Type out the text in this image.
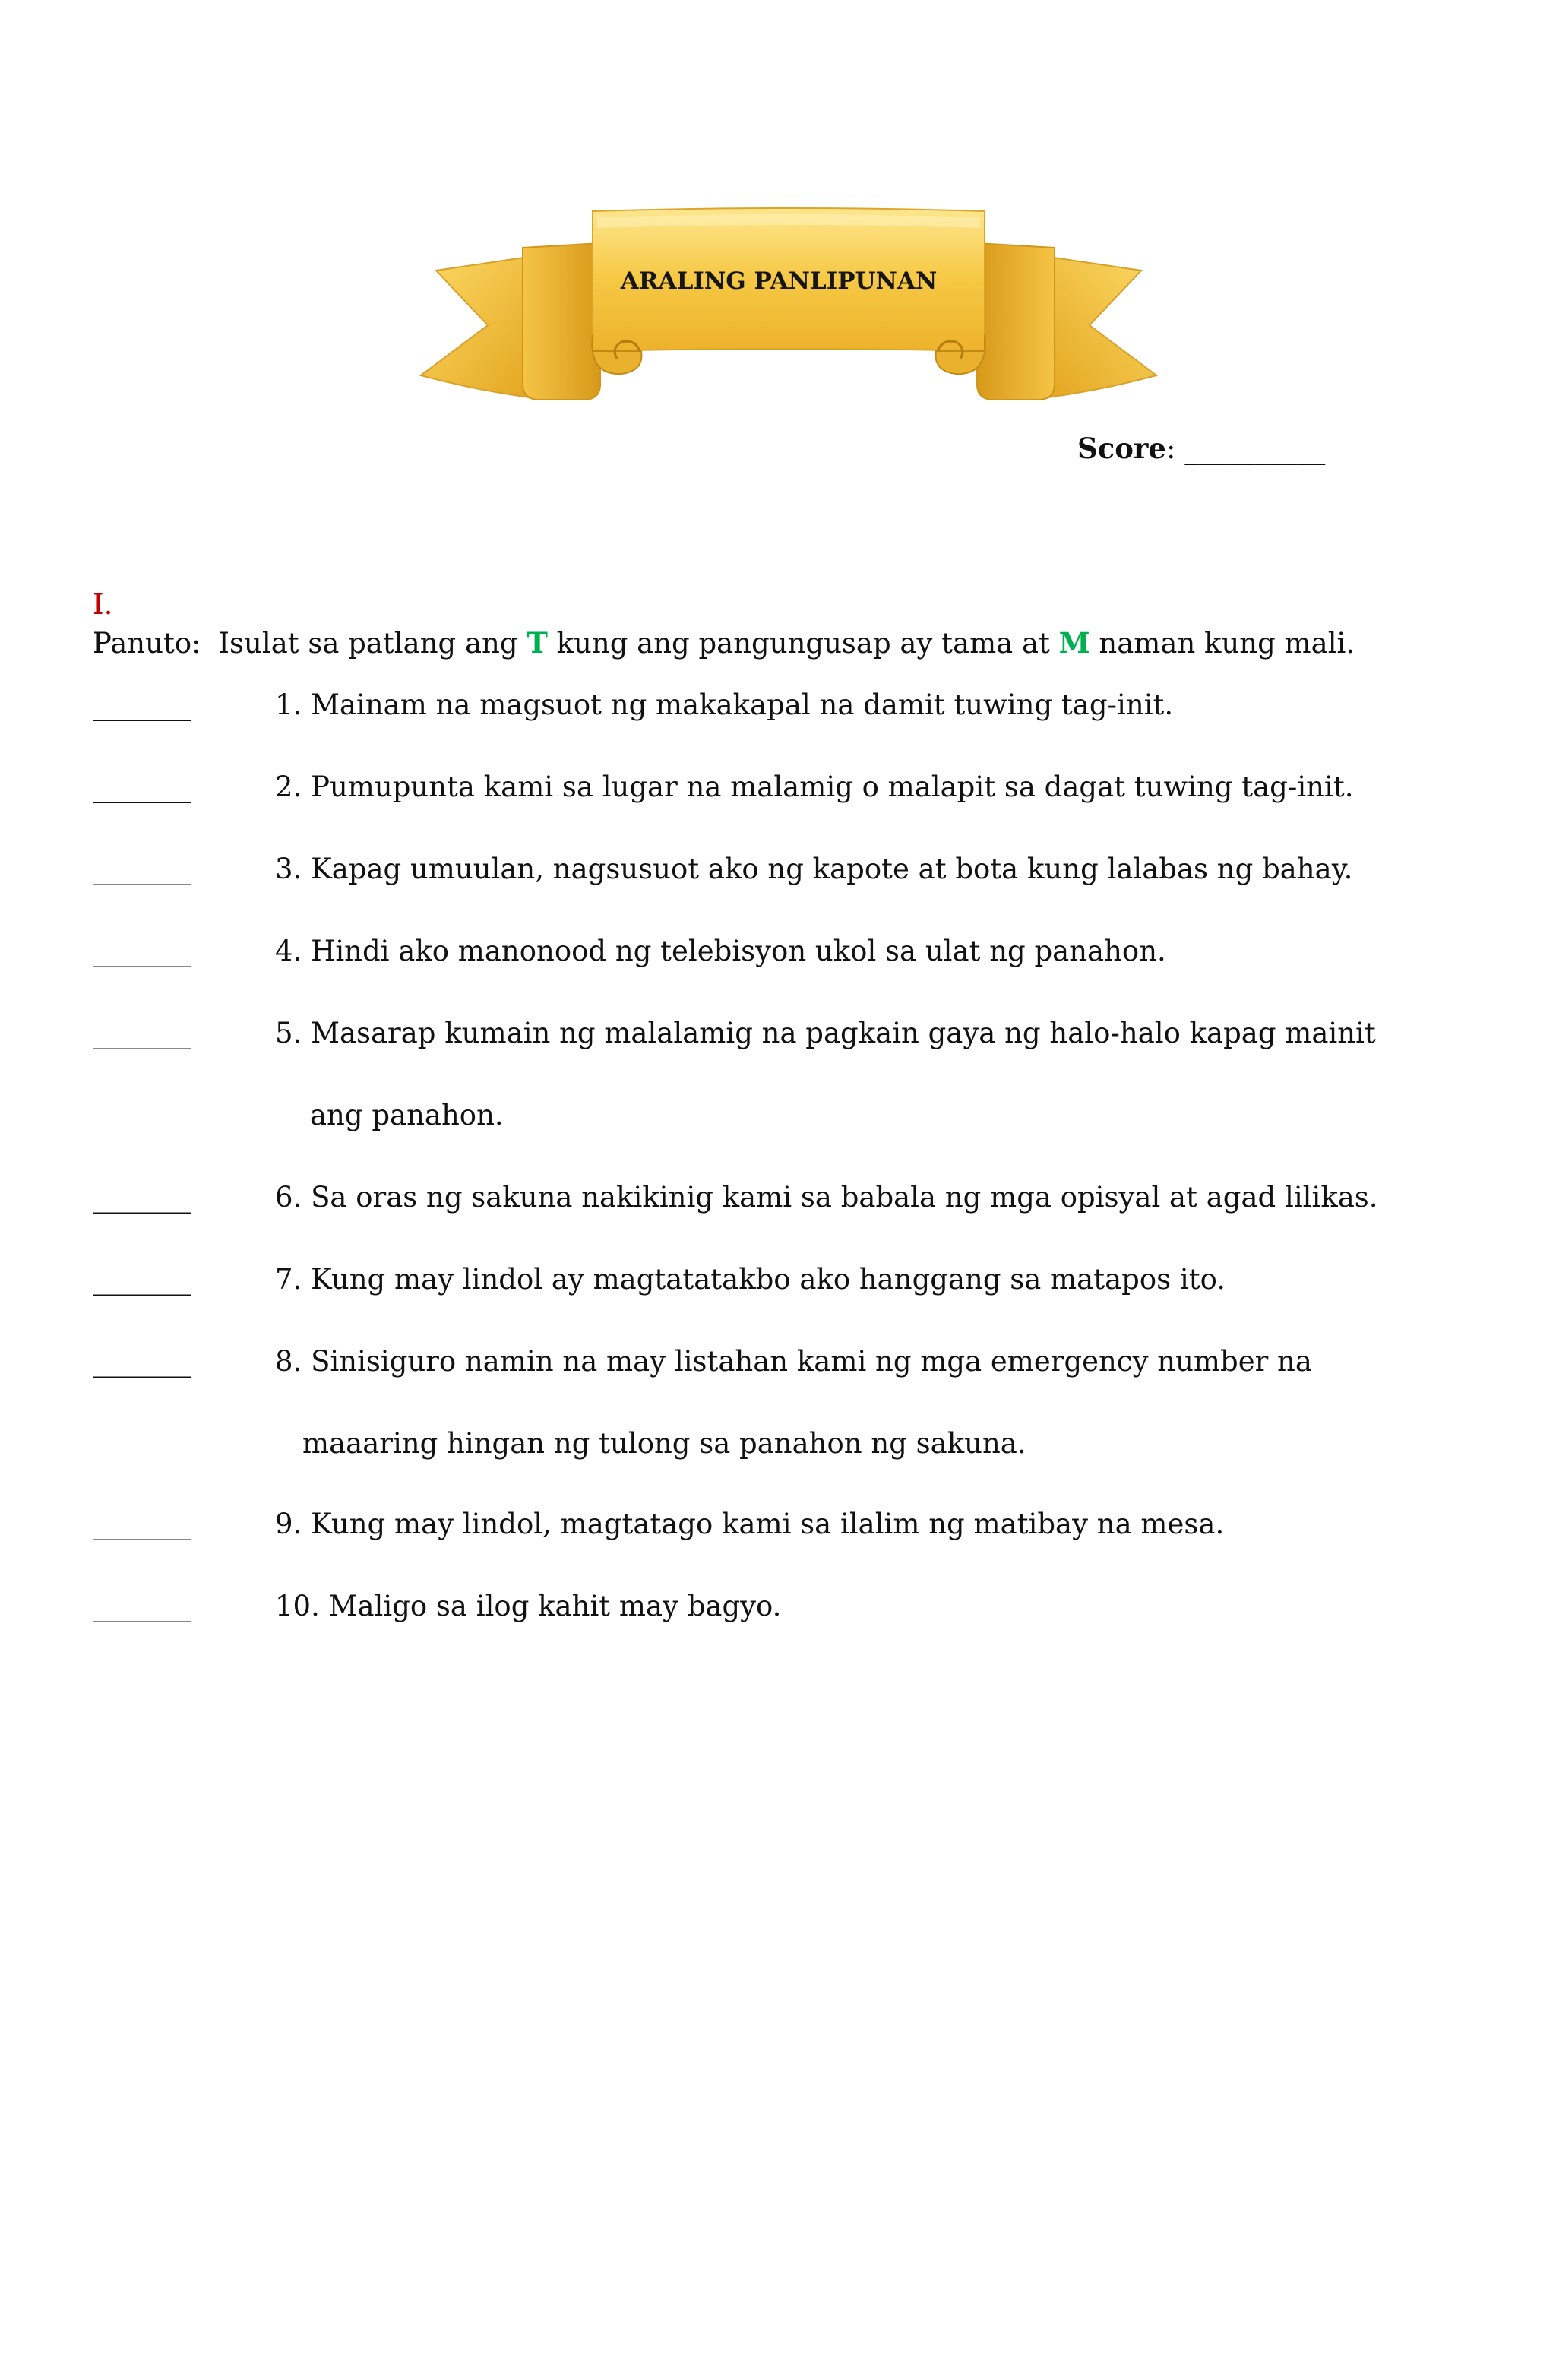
ARALING PANLIPUNAN
Score: __________
I.
Panuto: Isulat sa patlang ang T kung ang pangungusap ay tama at M naman kung mali.
_______	1. Mainam na magsuot ng makakapal na damit tuwing tag-init.
_______	2. Pumupunta kami sa lugar na malamig o malapit sa dagat tuwing tag-init.
_______	3. Kapag umuulan, nagsusuot ako ng kapote at bota kung lalabas ng bahay.
_______	4. Hindi ako manonood ng telebisyon ukol sa ulat ng panahon.
_______	5. Masarap kumain ng malalamig na pagkain gaya ng halo-halo kapag mainit
ang panahon.
_______	6. Sa oras ng sakuna nakikinig kami sa babala ng mga opisyal at agad lilikas.
_______	7. Kung may lindol ay magtatatakbo ako hanggang sa matapos ito.
_______	8. Sinisiguro namin na may listahan kami ng mga emergency number na
maaaring hingan ng tulong sa panahon ng sakuna.
_______	9. Kung may lindol, magtatago kami sa ilalim ng matibay na mesa.
_______	10. Maligo sa ilog kahit may bagyo.
